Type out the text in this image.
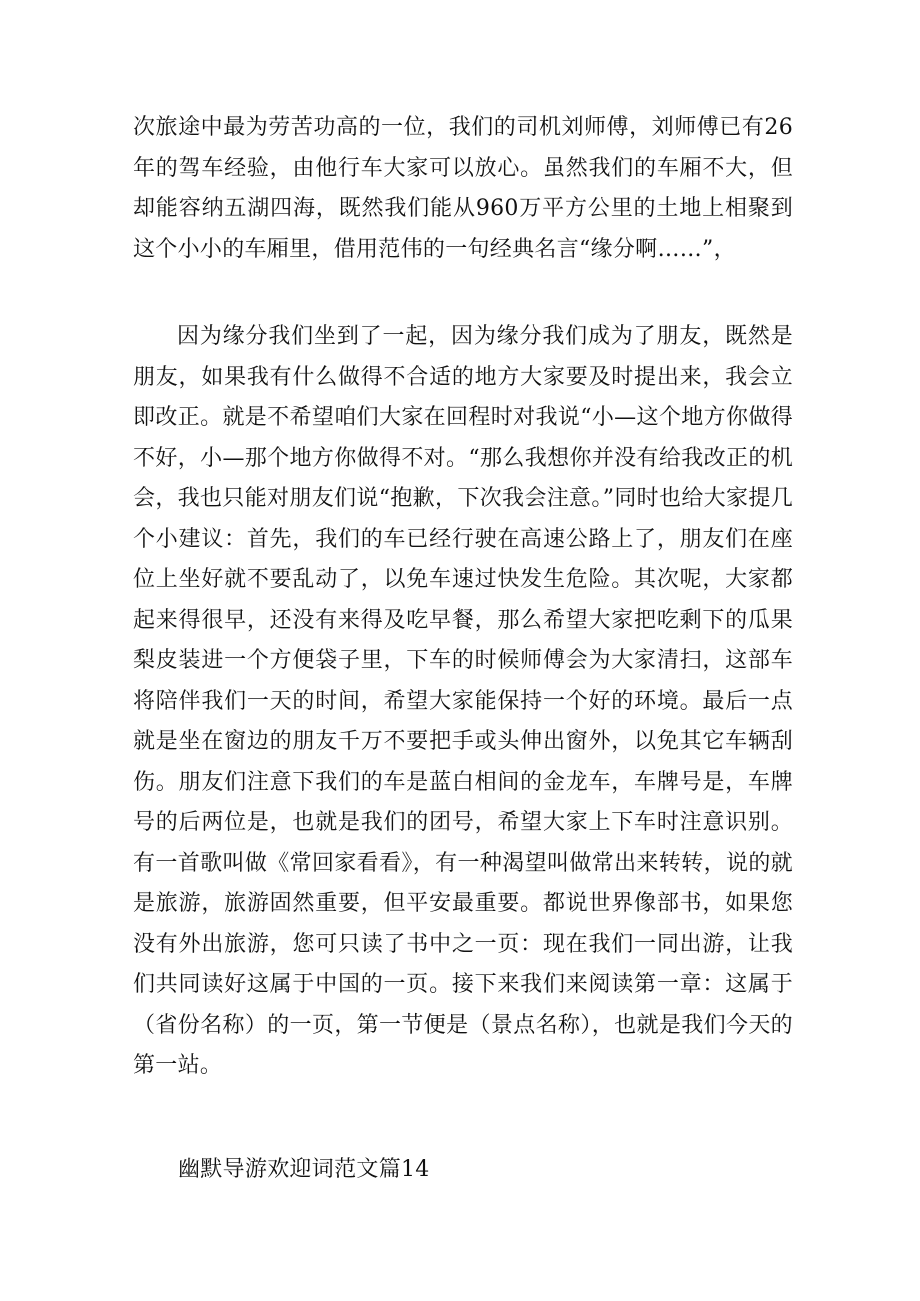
次旅途中最为劳苦功高的一位，我们的司机刘师傅，刘师傅已有26年的驾车经验，由他行车大家可以放心。虽然我们的车厢不大，但却能容纳五湖四海，既然我们能从960万平方公里的土地上相聚到这个小小的车厢里，借用范伟的一句经典名言“缘分啊……”，

因为缘分我们坐到了一起，因为缘分我们成为了朋友，既然是朋友，如果我有什么做得不合适的地方大家要及时提出来，我会立即改正。就是不希望咱们大家在回程时对我说“小—这个地方你做得不好，小—那个地方你做得不对。“那么我想你并没有给我改正的机会，我也只能对朋友们说“抱歉，下次我会注意。”同时也给大家提几个小建议：首先，我们的车已经行驶在高速公路上了，朋友们在座位上坐好就不要乱动了，以免车速过快发生危险。其次呢，大家都起来得很早，还没有来得及吃早餐，那么希望大家把吃剩下的瓜果梨皮装进一个方便袋子里，下车的时候师傅会为大家清扫，这部车将陪伴我们一天的时间，希望大家能保持一个好的环境。最后一点就是坐在窗边的朋友千万不要把手或头伸出窗外，以免其它车辆刮伤。朋友们注意下我们的车是蓝白相间的金龙车，车牌号是，车牌号的后两位是，也就是我们的团号，希望大家上下车时注意识别。有一首歌叫做《常回家看看》，有一种渴望叫做常出来转转，说的就是旅游，旅游固然重要，但平安最重要。都说世界像部书，如果您没有外出旅游，您可只读了书中之一页：现在我们一同出游，让我们共同读好这属于中国的一页。接下来我们来阅读第一章：这属于（省份名称）的一页，第一节便是（景点名称），也就是我们今天的第一站。

幽默导游欢迎词范文篇14
